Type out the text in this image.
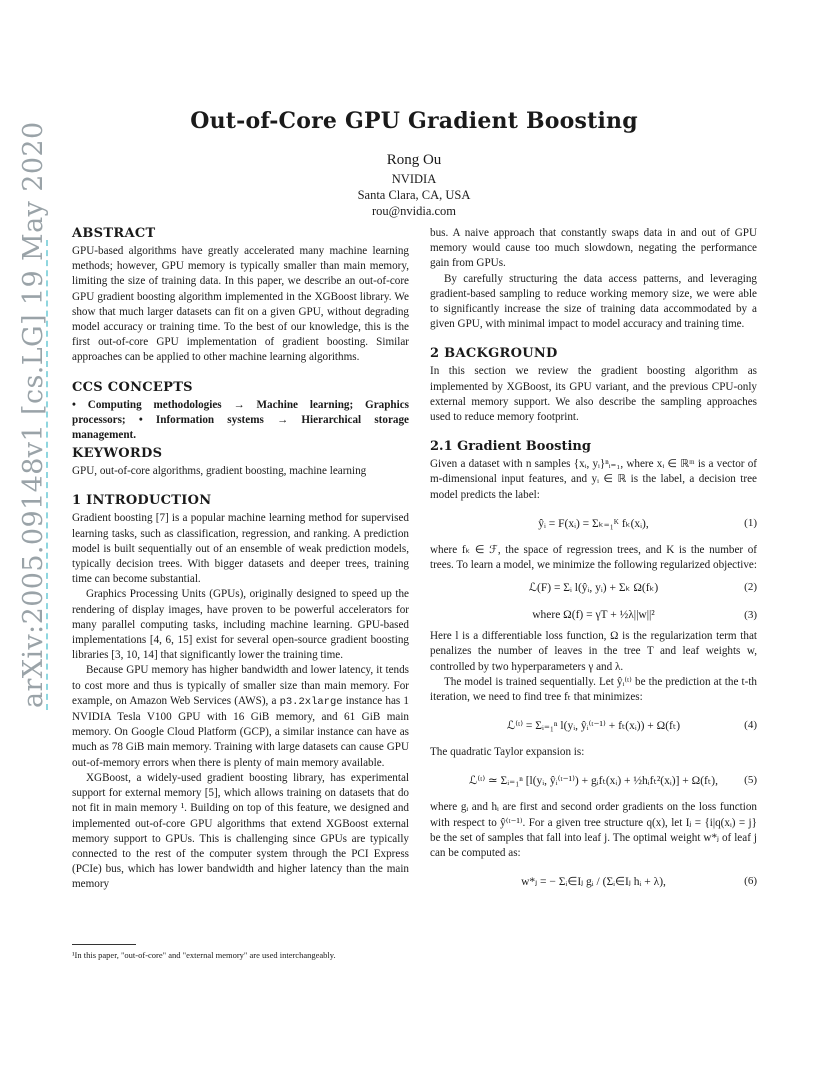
Out-of-Core GPU Gradient Boosting
Rong Ou
NVIDIA
Santa Clara, CA, USA
rou@nvidia.com
arXiv:2005.09148v1 [cs.LG] 19 May 2020	ABSTRACT

GPU-based algorithms have greatly accelerated many machine learning methods; however, GPU memory is typically smaller than main memory, limiting the size of training data. In this paper, we describe an out-of-core GPU gradient boosting algorithm implemented in the XGBoost library. We show that much larger datasets can fit on a given GPU, without degrading model accuracy or training time. To the best of our knowledge, this is the first out-of-core GPU implementation of gradient boosting. Similar approaches can be applied to other machine learning algorithms.

CCS CONCEPTS

• Computing methodologies → Machine learning; Graphics processors; • Information systems → Hierarchical storage management.

KEYWORDS

GPU, out-of-core algorithms, gradient boosting, machine learning

1 INTRODUCTION

Gradient boosting [7] is a popular machine learning method for supervised learning tasks, such as classification, regression, and ranking. A prediction model is built sequentially out of an ensemble of weak prediction models, typically decision trees. With bigger datasets and deeper trees, training time can become substantial.

Graphics Processing Units (GPUs), originally designed to speed up the rendering of display images, have proven to be powerful accelerators for many parallel computing tasks, including machine learning. GPU-based implementations [4, 6, 15] exist for several open-source gradient boosting libraries [3, 10, 14] that significantly lower the training time.

Because GPU memory has higher bandwidth and lower latency, it tends to cost more and thus is typically of smaller size than main memory. For example, on Amazon Web Services (AWS), a p3.2xlarge instance has 1 NVIDIA Tesla V100 GPU with 16 GiB memory, and 61 GiB main memory. On Google Cloud Platform (GCP), a similar instance can have as much as 78 GiB main memory. Training with large datasets can cause GPU out-of-memory errors when there is plenty of main memory available.

XGBoost, a widely-used gradient boosting library, has experimental support for external memory [5], which allows training on datasets that do not fit in main memory ¹. Building on top of this feature, we designed and implemented out-of-core GPU algorithms that extend XGBoost external memory support to GPUs. This is challenging since GPUs are typically connected to the rest of the computer system through the PCI Express (PCIe) bus, which has lower bandwidth and higher latency than the main memory

¹In this paper, "out-of-core" and "external memory" are used interchangeably.

bus. A naive approach that constantly swaps data in and out of GPU memory would cause too much slowdown, negating the performance gain from GPUs.

By carefully structuring the data access patterns, and leveraging gradient-based sampling to reduce working memory size, we were able to significantly increase the size of training data accommodated by a given GPU, with minimal impact to model accuracy and training time.

2 BACKGROUND

In this section we review the gradient boosting algorithm as implemented by XGBoost, its GPU variant, and the previous CPU-only external memory support. We also describe the sampling approaches used to reduce memory footprint.

2.1 Gradient Boosting

Given a dataset with n samples {xᵢ, yᵢ}ⁿᵢ₌₁, where xᵢ ∈ ℝᵐ is a vector of m-dimensional input features, and yᵢ ∈ ℝ is the label, a decision tree model predicts the label:

ŷᵢ = F(xᵢ) = Σₖ₌₁ᴷ fₖ(xᵢ),	(1)

where fₖ ∈ ℱ, the space of regression trees, and K is the number of trees. To learn a model, we minimize the following regularized objective:

ℒ(F) = Σᵢ l(ŷᵢ, yᵢ) + Σₖ Ω(fₖ)	(2)
where Ω(f) = γT + ½λ||w||²	(3)

Here l is a differentiable loss function, Ω is the regularization term that penalizes the number of leaves in the tree T and leaf weights w, controlled by two hyperparameters γ and λ.

The model is trained sequentially. Let ŷᵢ⁽ᵗ⁾ be the prediction at the t-th iteration, we need to find tree fₜ that minimizes:

ℒ⁽ᵗ⁾ = Σᵢ₌₁ⁿ l(yᵢ, ŷᵢ⁽ᵗ⁻¹⁾ + fₜ(xᵢ)) + Ω(fₜ)	(4)

The quadratic Taylor expansion is:

ℒ⁽ᵗ⁾ ≃ Σᵢ₌₁ⁿ [l(yᵢ, ŷᵢ⁽ᵗ⁻¹⁾) + gᵢfₜ(xᵢ) + ½hᵢfₜ²(xᵢ)] + Ω(fₜ), (5)

where gᵢ and hᵢ are first and second order gradients on the loss function with respect to ŷ⁽ᵗ⁻¹⁾. For a given tree structure q(x), let Iⱼ = {i|q(xᵢ) = j} be the set of samples that fall into leaf j. The optimal weight w*ⱼ of leaf j can be computed as:

w*ⱼ = − Σᵢ∈Iⱼ gᵢ / (Σᵢ∈Iⱼ hᵢ + λ),	(6)
